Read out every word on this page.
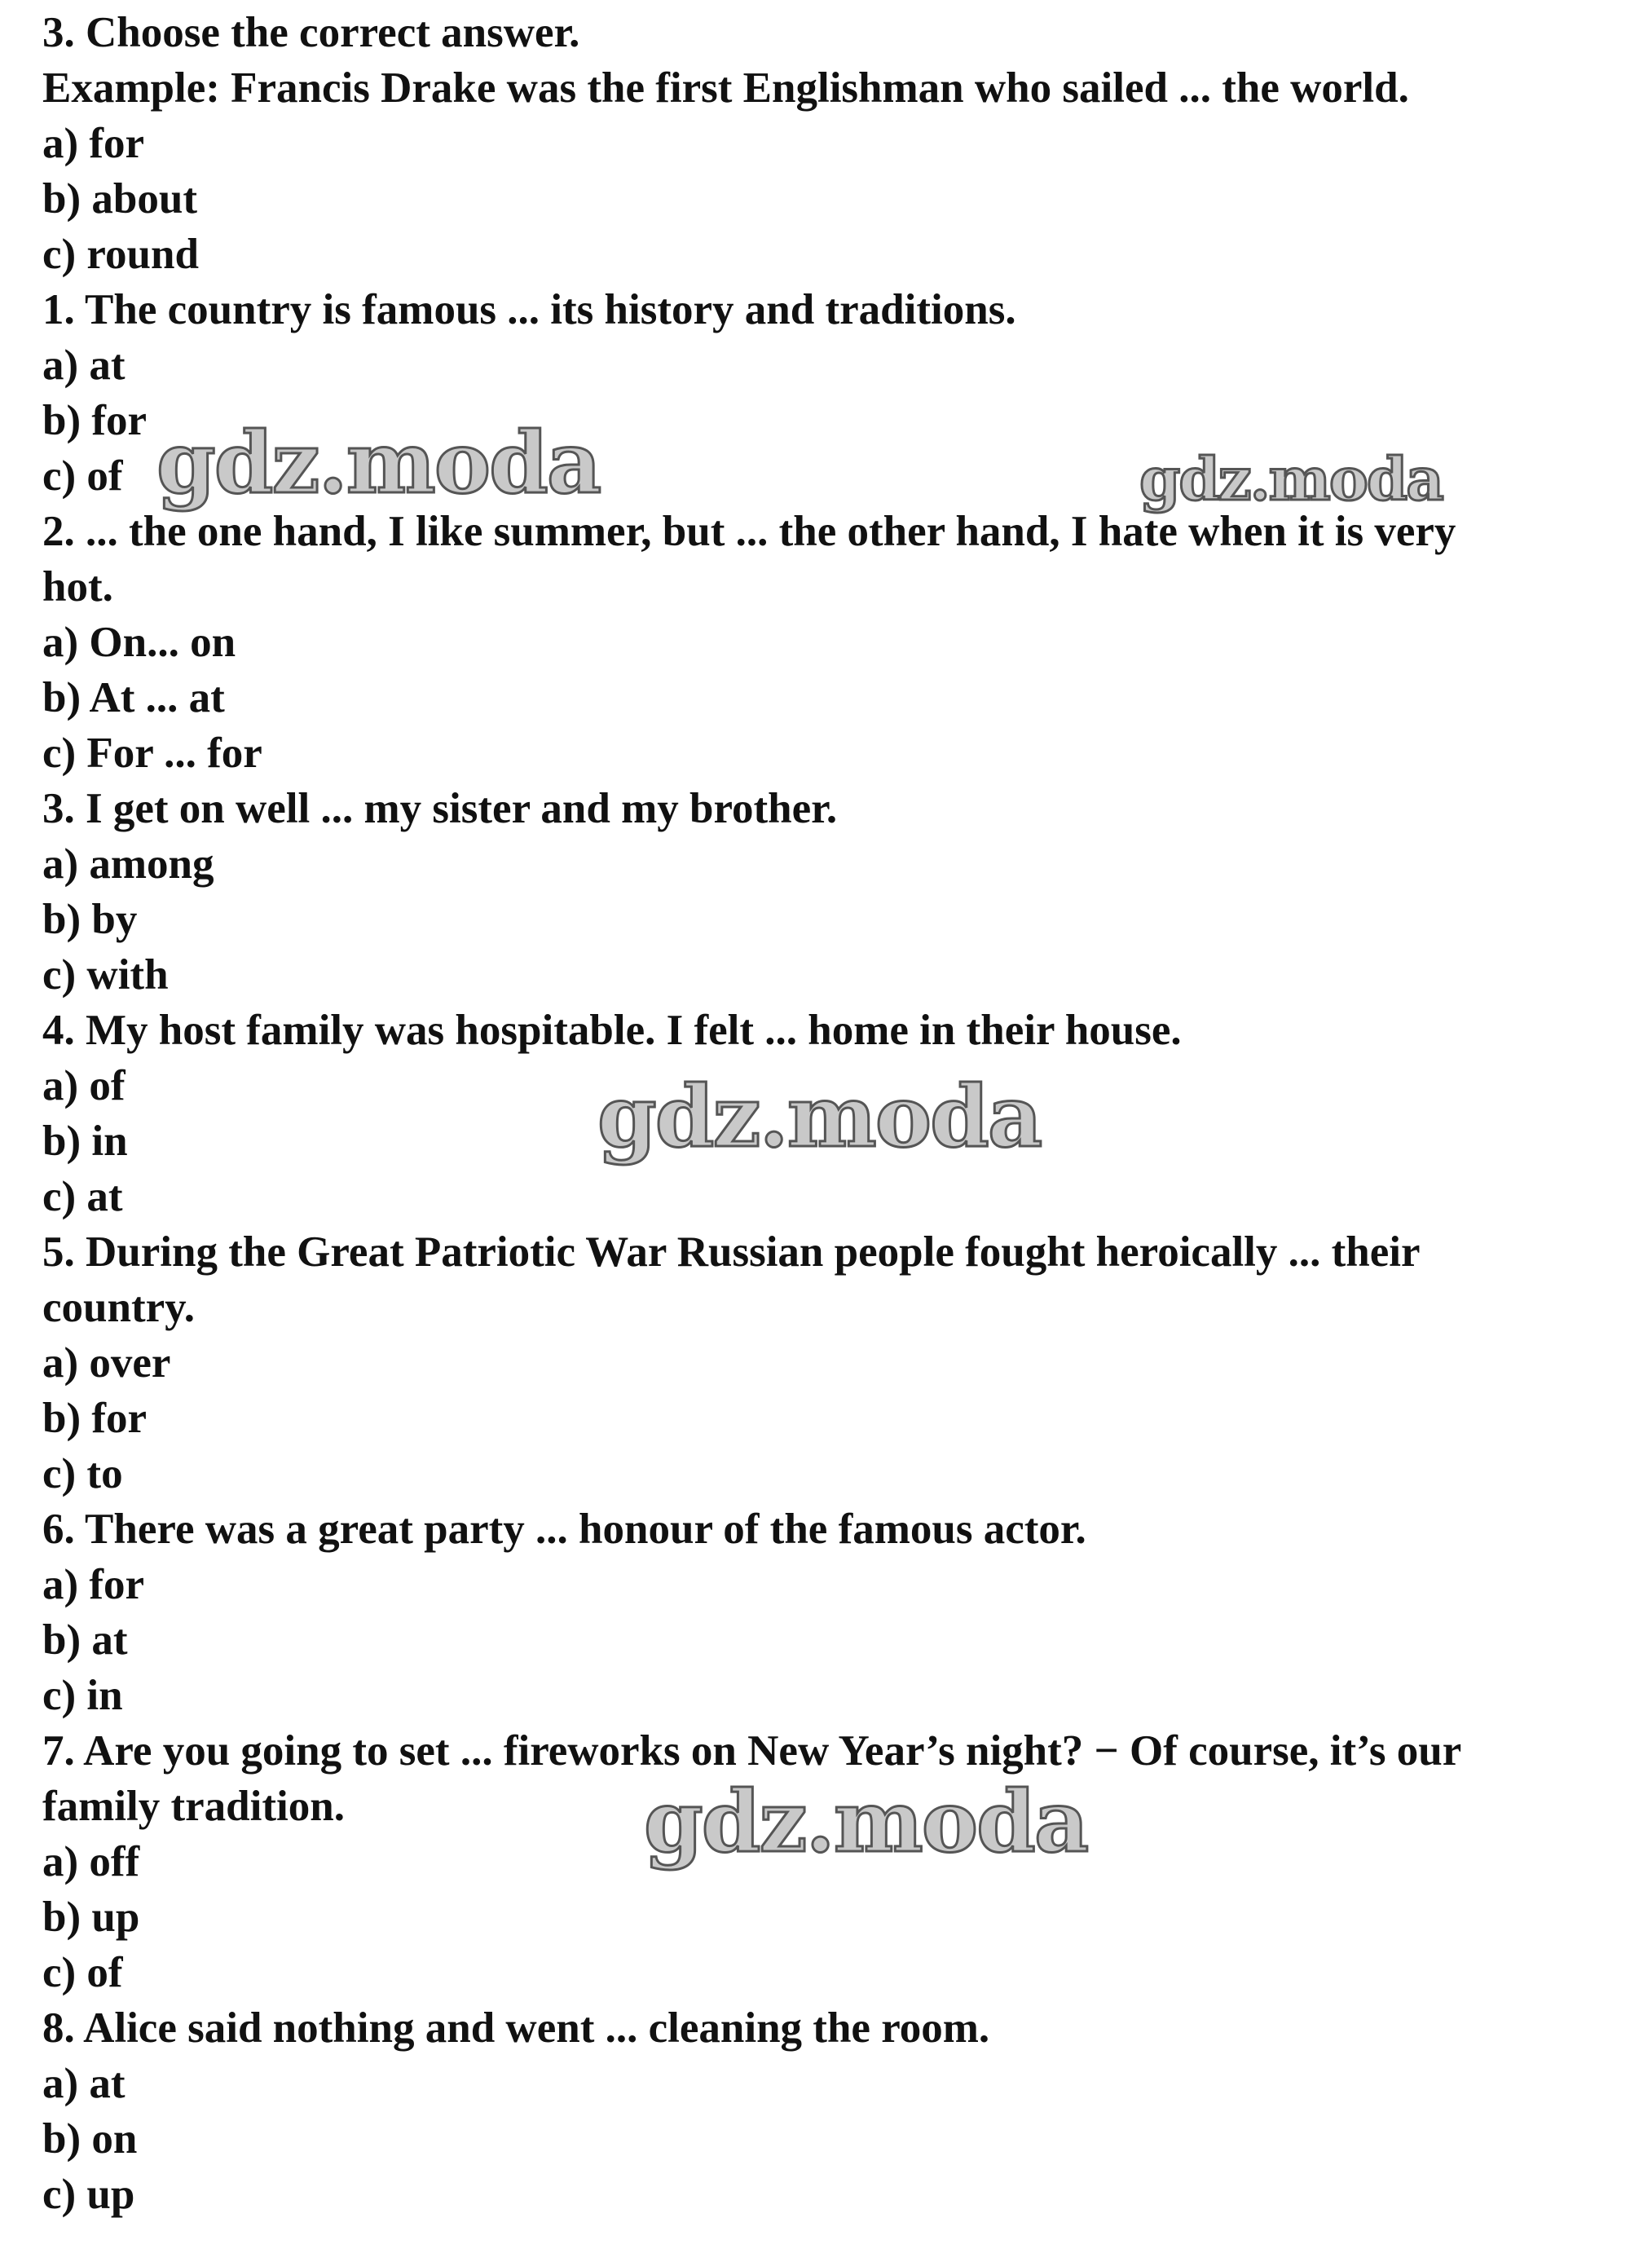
3. Choose the correct answer.
Example: Francis Drake was the first Englishman who sailed ... the world.
a) for
b) about
c) round
1. The country is famous ... its history and traditions.
a) at
b) for
c) of
2. ... the one hand, I like summer, but ... the other hand, I hate when it is very
hot.
a) On... on
b) At ... at
c) For ... for
3. I get on well ... my sister and my brother.
a) among
b) by
c) with
4. My host family was hospitable. I felt ... home in their house.
a) of
b) in
c) at
5. During the Great Patriotic War Russian people fought heroically ... their
country.
a) over
b) for
c) to
6. There was a great party ... honour of the famous actor.
a) for
b) at
c) in
7. Are you going to set ... fireworks on New Year’s night? − Of course, it’s our
family tradition.
a) off
b) up
c) of
8. Alice said nothing and went ... cleaning the room.
a) at
b) on
c) up
gdz.moda	gdz.moda
gdz.moda
gdz.moda
